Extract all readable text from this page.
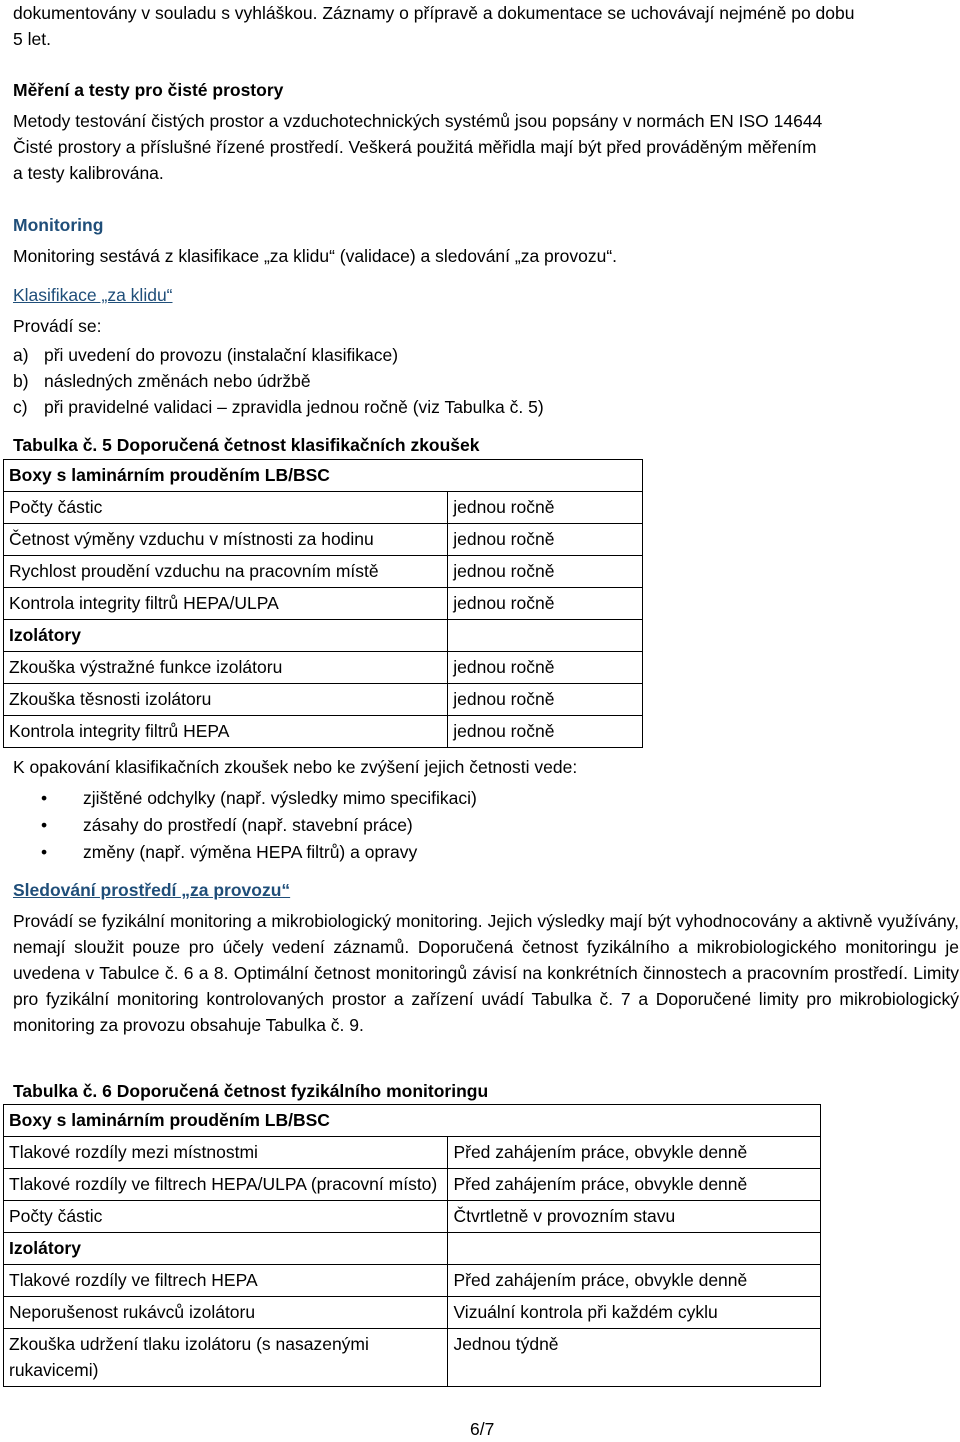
dokumentovány v souladu s vyhláškou. Záznamy o přípravě a dokumentace se uchovávají nejméně po dobu

5 let.

Měření a testy pro čisté prostory

Metody testování čistých prostor a vzduchotechnických systémů jsou popsány v normách EN ISO 14644

Čisté prostory a příslušné řízené prostředí. Veškerá použitá měřidla mají být před prováděným měřením

a testy kalibrována.

Monitoring

Monitoring sestává z klasifikace „za klidu“ (validace) a sledování „za provozu“.

Klasifikace „za klidu“

Provádí se:

a) při uvedení do provozu (instalační klasifikace)
b) následných změnách nebo údržbě
c) při pravidelné validaci – zpravidla jednou ročně (viz Tabulka č. 5)

Tabulka č. 5 Doporučená četnost klasifikačních zkoušek

Boxy s laminárním prouděním LB/BSC	
Počty částic	jednou ročně
Četnost výměny vzduchu v místnosti za hodinu	jednou ročně
Rychlost proudění vzduchu na pracovním místě	jednou ročně
Kontrola integrity filtrů HEPA/ULPA	jednou ročně
Izolátory	
Zkouška výstražné funkce izolátoru	jednou ročně
Zkouška těsnosti izolátoru	jednou ročně
Kontrola integrity filtrů HEPA	jednou ročně

K opakování klasifikačních zkoušek nebo ke zvýšení jejich četnosti vede:

•	zjištěné odchylky (např. výsledky mimo specifikaci)
•	zásahy do prostředí (např. stavební práce)
•	změny (např. výměna HEPA filtrů) a opravy

Sledování prostředí „za provozu“

Provádí se fyzikální monitoring a mikrobiologický monitoring. Jejich výsledky mají být vyhodnocovány a aktivně využívány, nemají sloužit pouze pro účely vedení záznamů. Doporučená četnost fyzikálního a mikrobiologického monitoringu je uvedena v Tabulce č. 6 a 8. Optimální četnost monitoringů závisí na konkrétních činnostech a pracovním prostředí. Limity pro fyzikální monitoring kontrolovaných prostor a zařízení uvádí Tabulka č. 7 a Doporučené limity pro mikrobiologický monitoring za provozu obsahuje Tabulka č. 9.

Tabulka č. 6 Doporučená četnost fyzikálního monitoringu

Boxy s laminárním prouděním LB/BSC	
Tlakové rozdíly mezi místnostmi	Před zahájením práce, obvykle denně
Tlakové rozdíly ve filtrech HEPA/ULPA (pracovní místo)	Před zahájením práce, obvykle denně
Počty částic	Čtvrtletně v provozním stavu
Izolátory	
Tlakové rozdíly ve filtrech HEPA	Před zahájením práce, obvykle denně
Neporušenost rukávců izolátoru	Vizuální kontrola při každém cyklu
Zkouška udržení tlaku izolátoru (s nasazenými rukavicemi)	Jednou týdně
6/7
